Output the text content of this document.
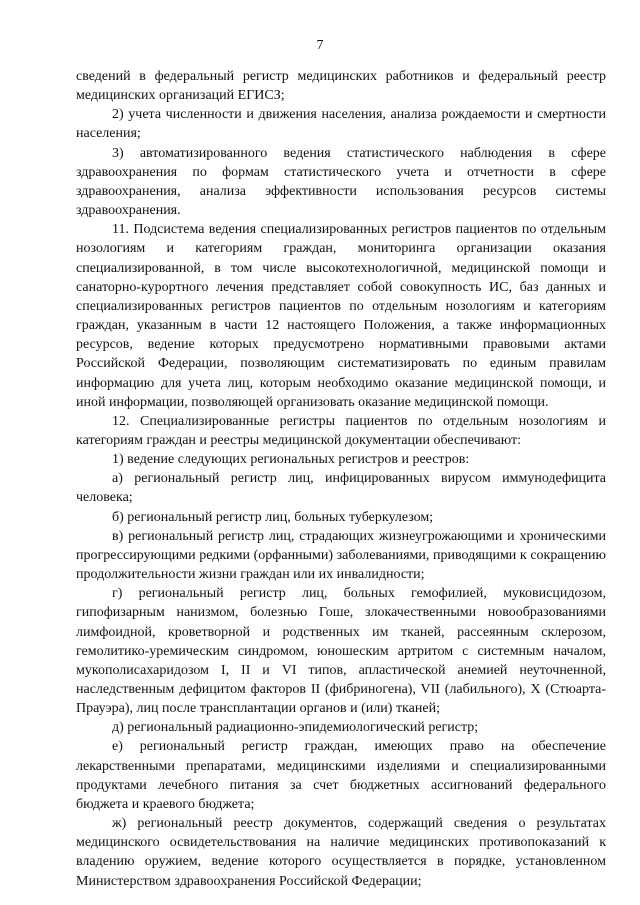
7

сведений в федеральный регистр медицинских работников и федеральный реестр медицинских организаций ЕГИСЗ;

2) учета численности и движения населения, анализа рождаемости и смертности населения;

3) автоматизированного ведения статистического наблюдения в сфере здравоохранения по формам статистического учета и отчетности в сфере здравоохранения, анализа эффективности использования ресурсов системы здравоохранения.

11. Подсистема ведения специализированных регистров пациентов по отдельным нозологиям и категориям граждан, мониторинга организации оказания специализированной, в том числе высокотехнологичной, медицинской помощи и санаторно-курортного лечения представляет собой совокупность ИС, баз данных и специализированных регистров пациентов по отдельным нозологиям и категориям граждан, указанным в части 12 настоящего Положения, а также информационных ресурсов, ведение которых предусмотрено нормативными правовыми актами Российской Федерации, позволяющим систематизировать по единым правилам информацию для учета лиц, которым необходимо оказание медицинской помощи, и иной информации, позволяющей организовать оказание медицинской помощи.

12. Специализированные регистры пациентов по отдельным нозологиям и категориям граждан и реестры медицинской документации обеспечивают:

1) ведение следующих региональных регистров и реестров:

а) региональный регистр лиц, инфицированных вирусом иммунодефицита человека;

б) региональный регистр лиц, больных туберкулезом;

в) региональный регистр лиц, страдающих жизнеугрожающими и хроническими прогрессирующими редкими (орфанными) заболеваниями, приводящими к сокращению продолжительности жизни граждан или их инвалидности;

г) региональный регистр лиц, больных гемофилией, муковисцидозом, гипофизарным нанизмом, болезнью Гоше, злокачественными новообразованиями лимфоидной, кроветворной и родственных им тканей, рассеянным склерозом, гемолитико-уремическим синдромом, юношеским артритом с системным началом, мукополисахаридозом I, II и VI типов, апластической анемией неуточненной, наследственным дефицитом факторов II (фибриногена), VII (лабильного), X (Стюарта-Прауэра), лиц после трансплантации органов и (или) тканей;

д) региональный радиационно-эпидемиологический регистр;

е) региональный регистр граждан, имеющих право на обеспечение лекарственными препаратами, медицинскими изделиями и специализированными продуктами лечебного питания за счет бюджетных ассигнований федерального бюджета и краевого бюджета;

ж) региональный реестр документов, содержащий сведения о результатах медицинского освидетельствования на наличие медицинских противопоказаний к владению оружием, ведение которого осуществляется в порядке, установленном Министерством здравоохранения Российской Федерации;
